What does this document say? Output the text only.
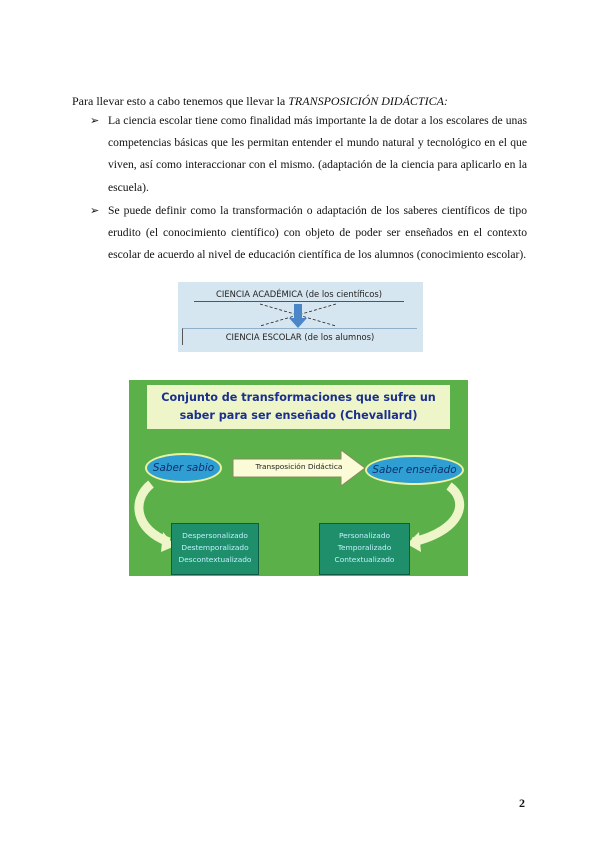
Para llevar esto a cabo tenemos que llevar la TRANSPOSICIÓN DIDÁCTICA:
➢ La ciencia escolar tiene como finalidad más importante la de dotar a los escolares de unas competencias básicas que les permitan entender el mundo natural y tecnológico en el que viven, así como interaccionar con el mismo. (adaptación de la ciencia para aplicarlo en la escuela).
➢ Se puede definir como la transformación o adaptación de los saberes científicos de tipo erudito (el conocimiento científico) con objeto de poder ser enseñados en el contexto escolar de acuerdo al nivel de educación científica de los alumnos (conocimiento escolar).
CIENCIA ACADÉMICA (de los científicos)
CIENCIA ESCOLAR (de los alumnos)
Conjunto de transformaciones que sufre un
saber para ser enseñado (Chevallard)
Saber sabio	Transposición Didáctica	Saber enseñado
Despersonalizado
Destemporalizado
Descontextualizado
Personalizado
Temporalizado
Contextualizado
2
